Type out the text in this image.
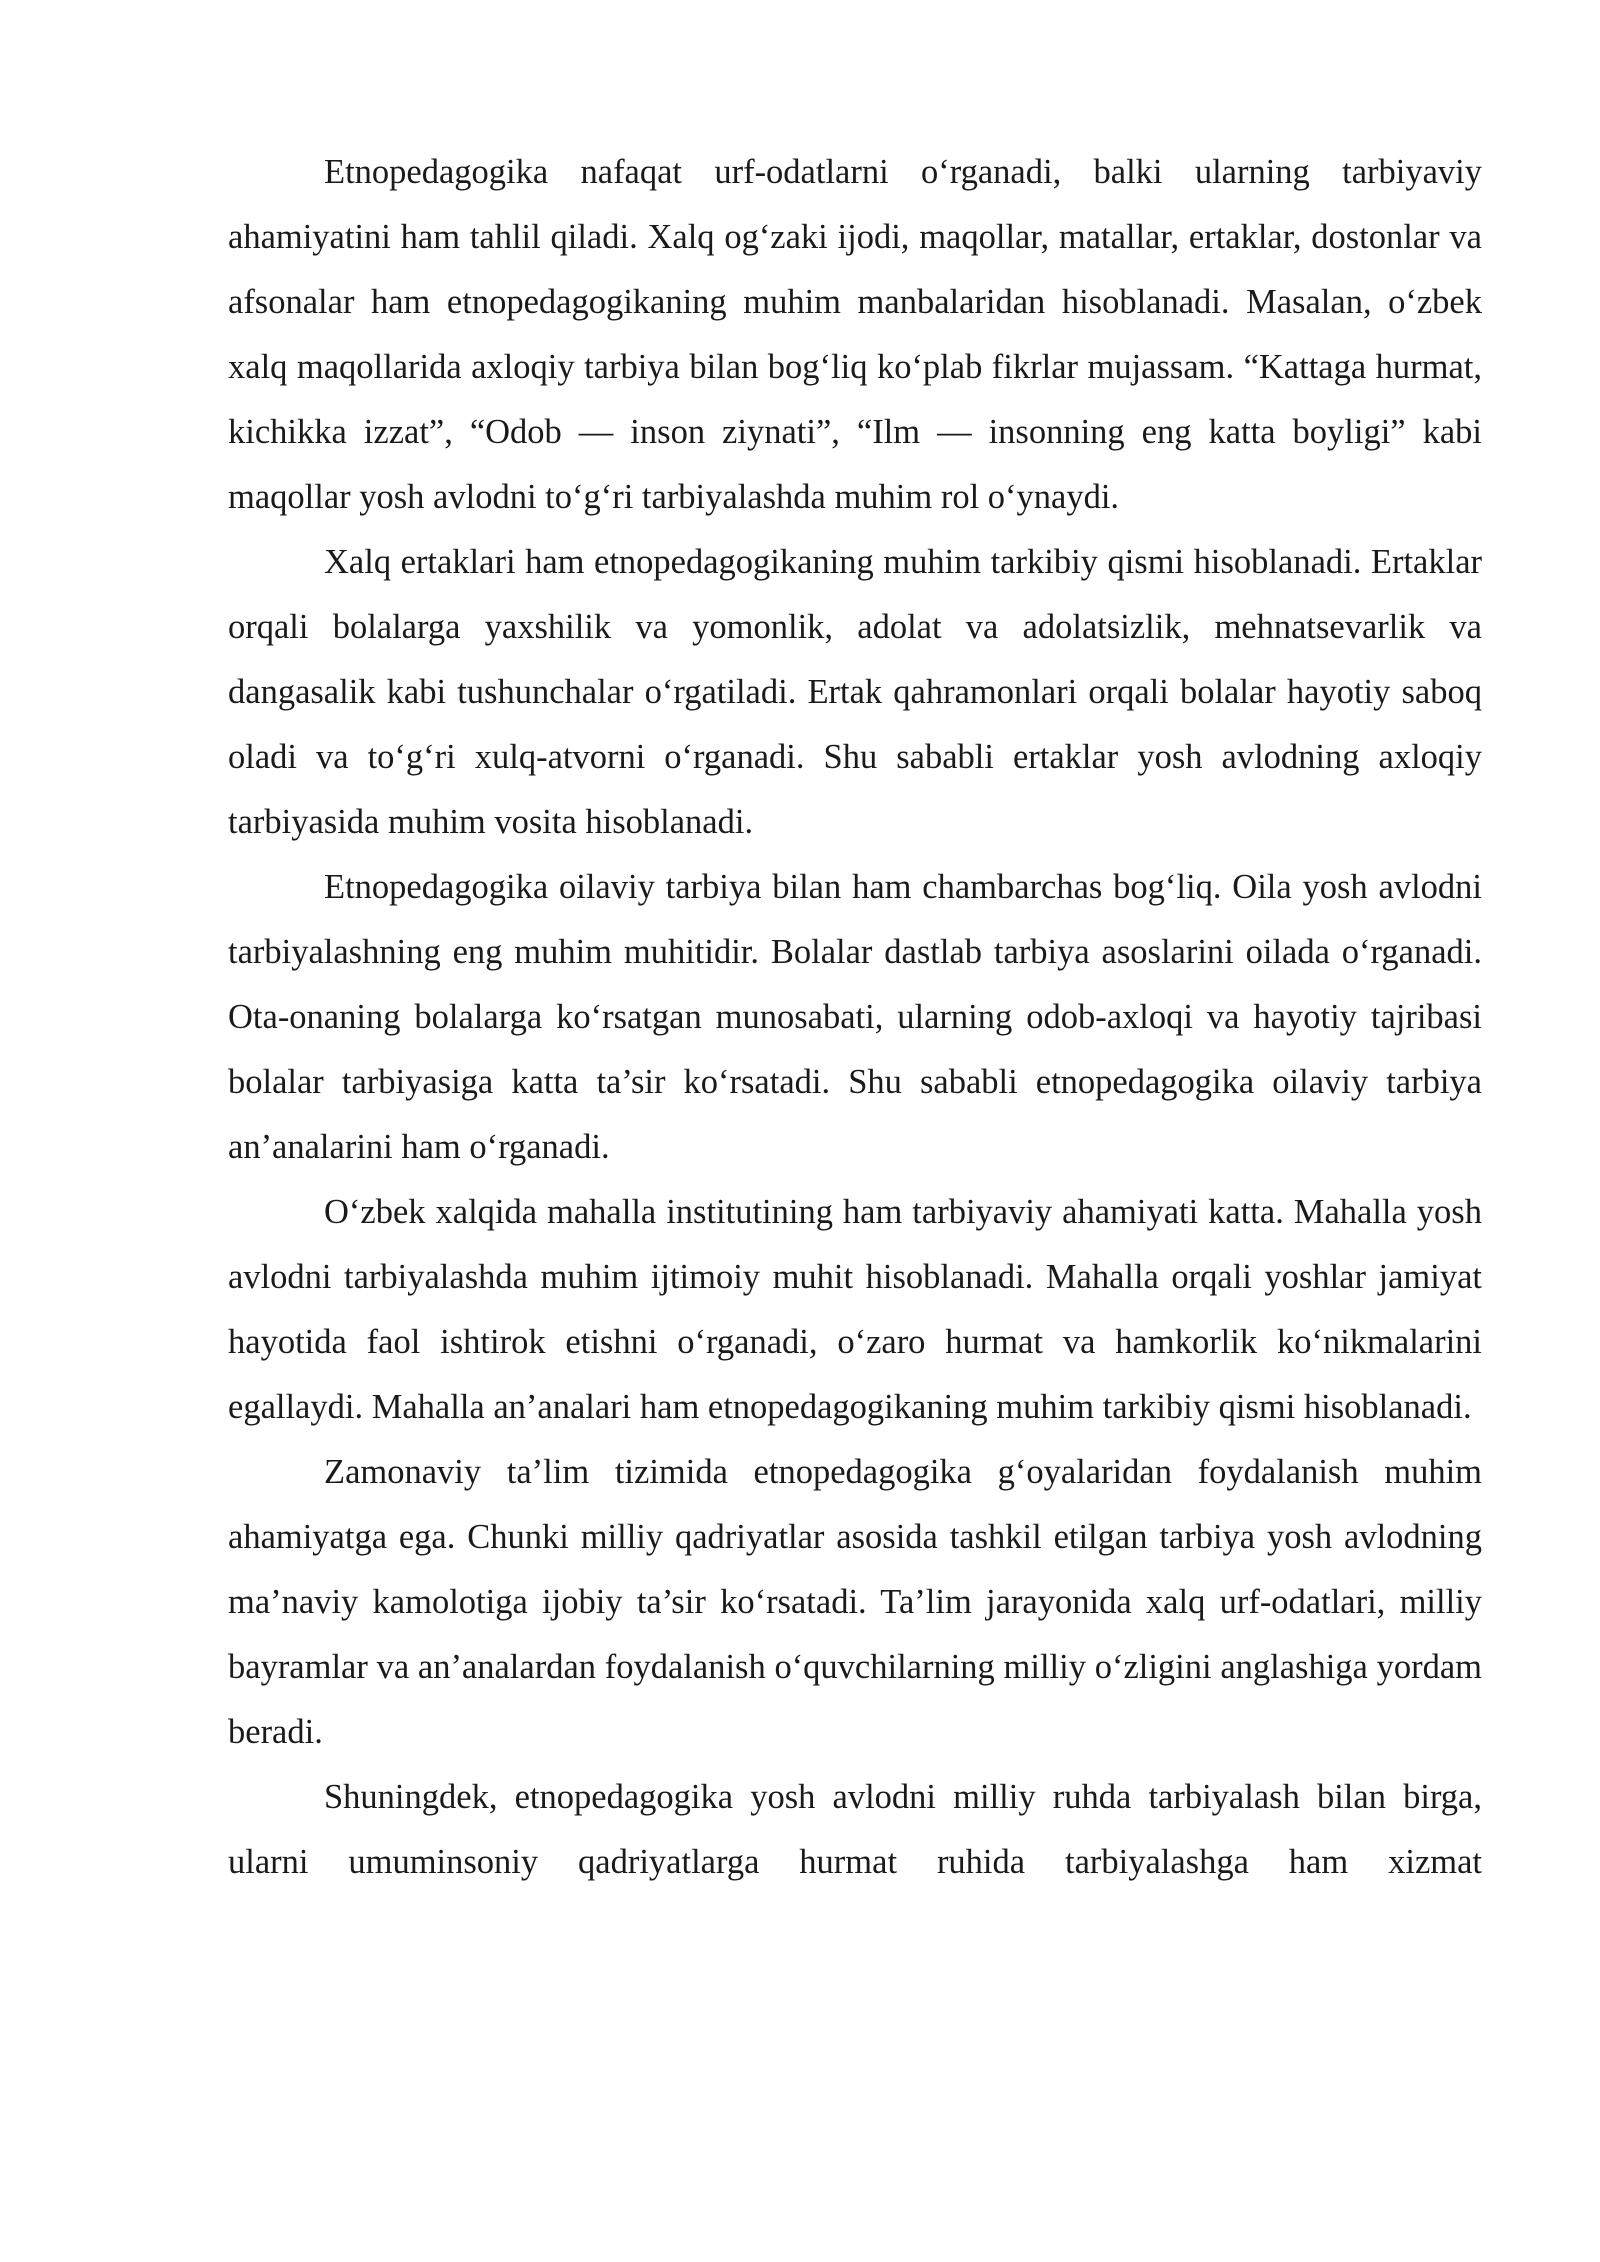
Etnopedagogika nafaqat urf-odatlarni o‘rganadi, balki ularning tarbiyaviy ahamiyatini ham tahlil qiladi. Xalq og‘zaki ijodi, maqollar, matallar, ertaklar, dostonlar va afsonalar ham etnopedagogikaning muhim manbalaridan hisoblanadi. Masalan, o‘zbek xalq maqollarida axloqiy tarbiya bilan bog‘liq ko‘plab fikrlar mujassam. “Kattaga hurmat, kichikka izzat”, “Odob — inson ziynati”, “Ilm — insonning eng katta boyligi” kabi maqollar yosh avlodni to‘g‘ri tarbiyalashda muhim rol o‘ynaydi.

Xalq ertaklari ham etnopedagogikaning muhim tarkibiy qismi hisoblanadi. Ertaklar orqali bolalarga yaxshilik va yomonlik, adolat va adolatsizlik, mehnatsevarlik va dangasalik kabi tushunchalar o‘rgatiladi. Ertak qahramonlari orqali bolalar hayotiy saboq oladi va to‘g‘ri xulq-atvorni o‘rganadi. Shu sababli ertaklar yosh avlodning axloqiy tarbiyasida muhim vosita hisoblanadi.

Etnopedagogika oilaviy tarbiya bilan ham chambarchas bog‘liq. Oila yosh avlodni tarbiyalashning eng muhim muhitidir. Bolalar dastlab tarbiya asoslarini oilada o‘rganadi. Ota-onaning bolalarga ko‘rsatgan munosabati, ularning odob-axloqi va hayotiy tajribasi bolalar tarbiyasiga katta ta’sir ko‘rsatadi. Shu sababli etnopedagogika oilaviy tarbiya an’analarini ham o‘rganadi.

O‘zbek xalqida mahalla institutining ham tarbiyaviy ahamiyati katta. Mahalla yosh avlodni tarbiyalashda muhim ijtimoiy muhit hisoblanadi. Mahalla orqali yoshlar jamiyat hayotida faol ishtirok etishni o‘rganadi, o‘zaro hurmat va hamkorlik ko‘nikmalarini egallaydi. Mahalla an’analari ham etnopedagogikaning muhim tarkibiy qismi hisoblanadi.

Zamonaviy ta’lim tizimida etnopedagogika g‘oyalaridan foydalanish muhim ahamiyatga ega. Chunki milliy qadriyatlar asosida tashkil etilgan tarbiya yosh avlodning ma’naviy kamolotiga ijobiy ta’sir ko‘rsatadi. Ta’lim jarayonida xalq urf-odatlari, milliy bayramlar va an’analardan foydalanish o‘quvchilarning milliy o‘zligini anglashiga yordam beradi.

Shuningdek, etnopedagogika yosh avlodni milliy ruhda tarbiyalash bilan birga, ularni umuminsoniy qadriyatlarga hurmat ruhida tarbiyalashga ham xizmat
